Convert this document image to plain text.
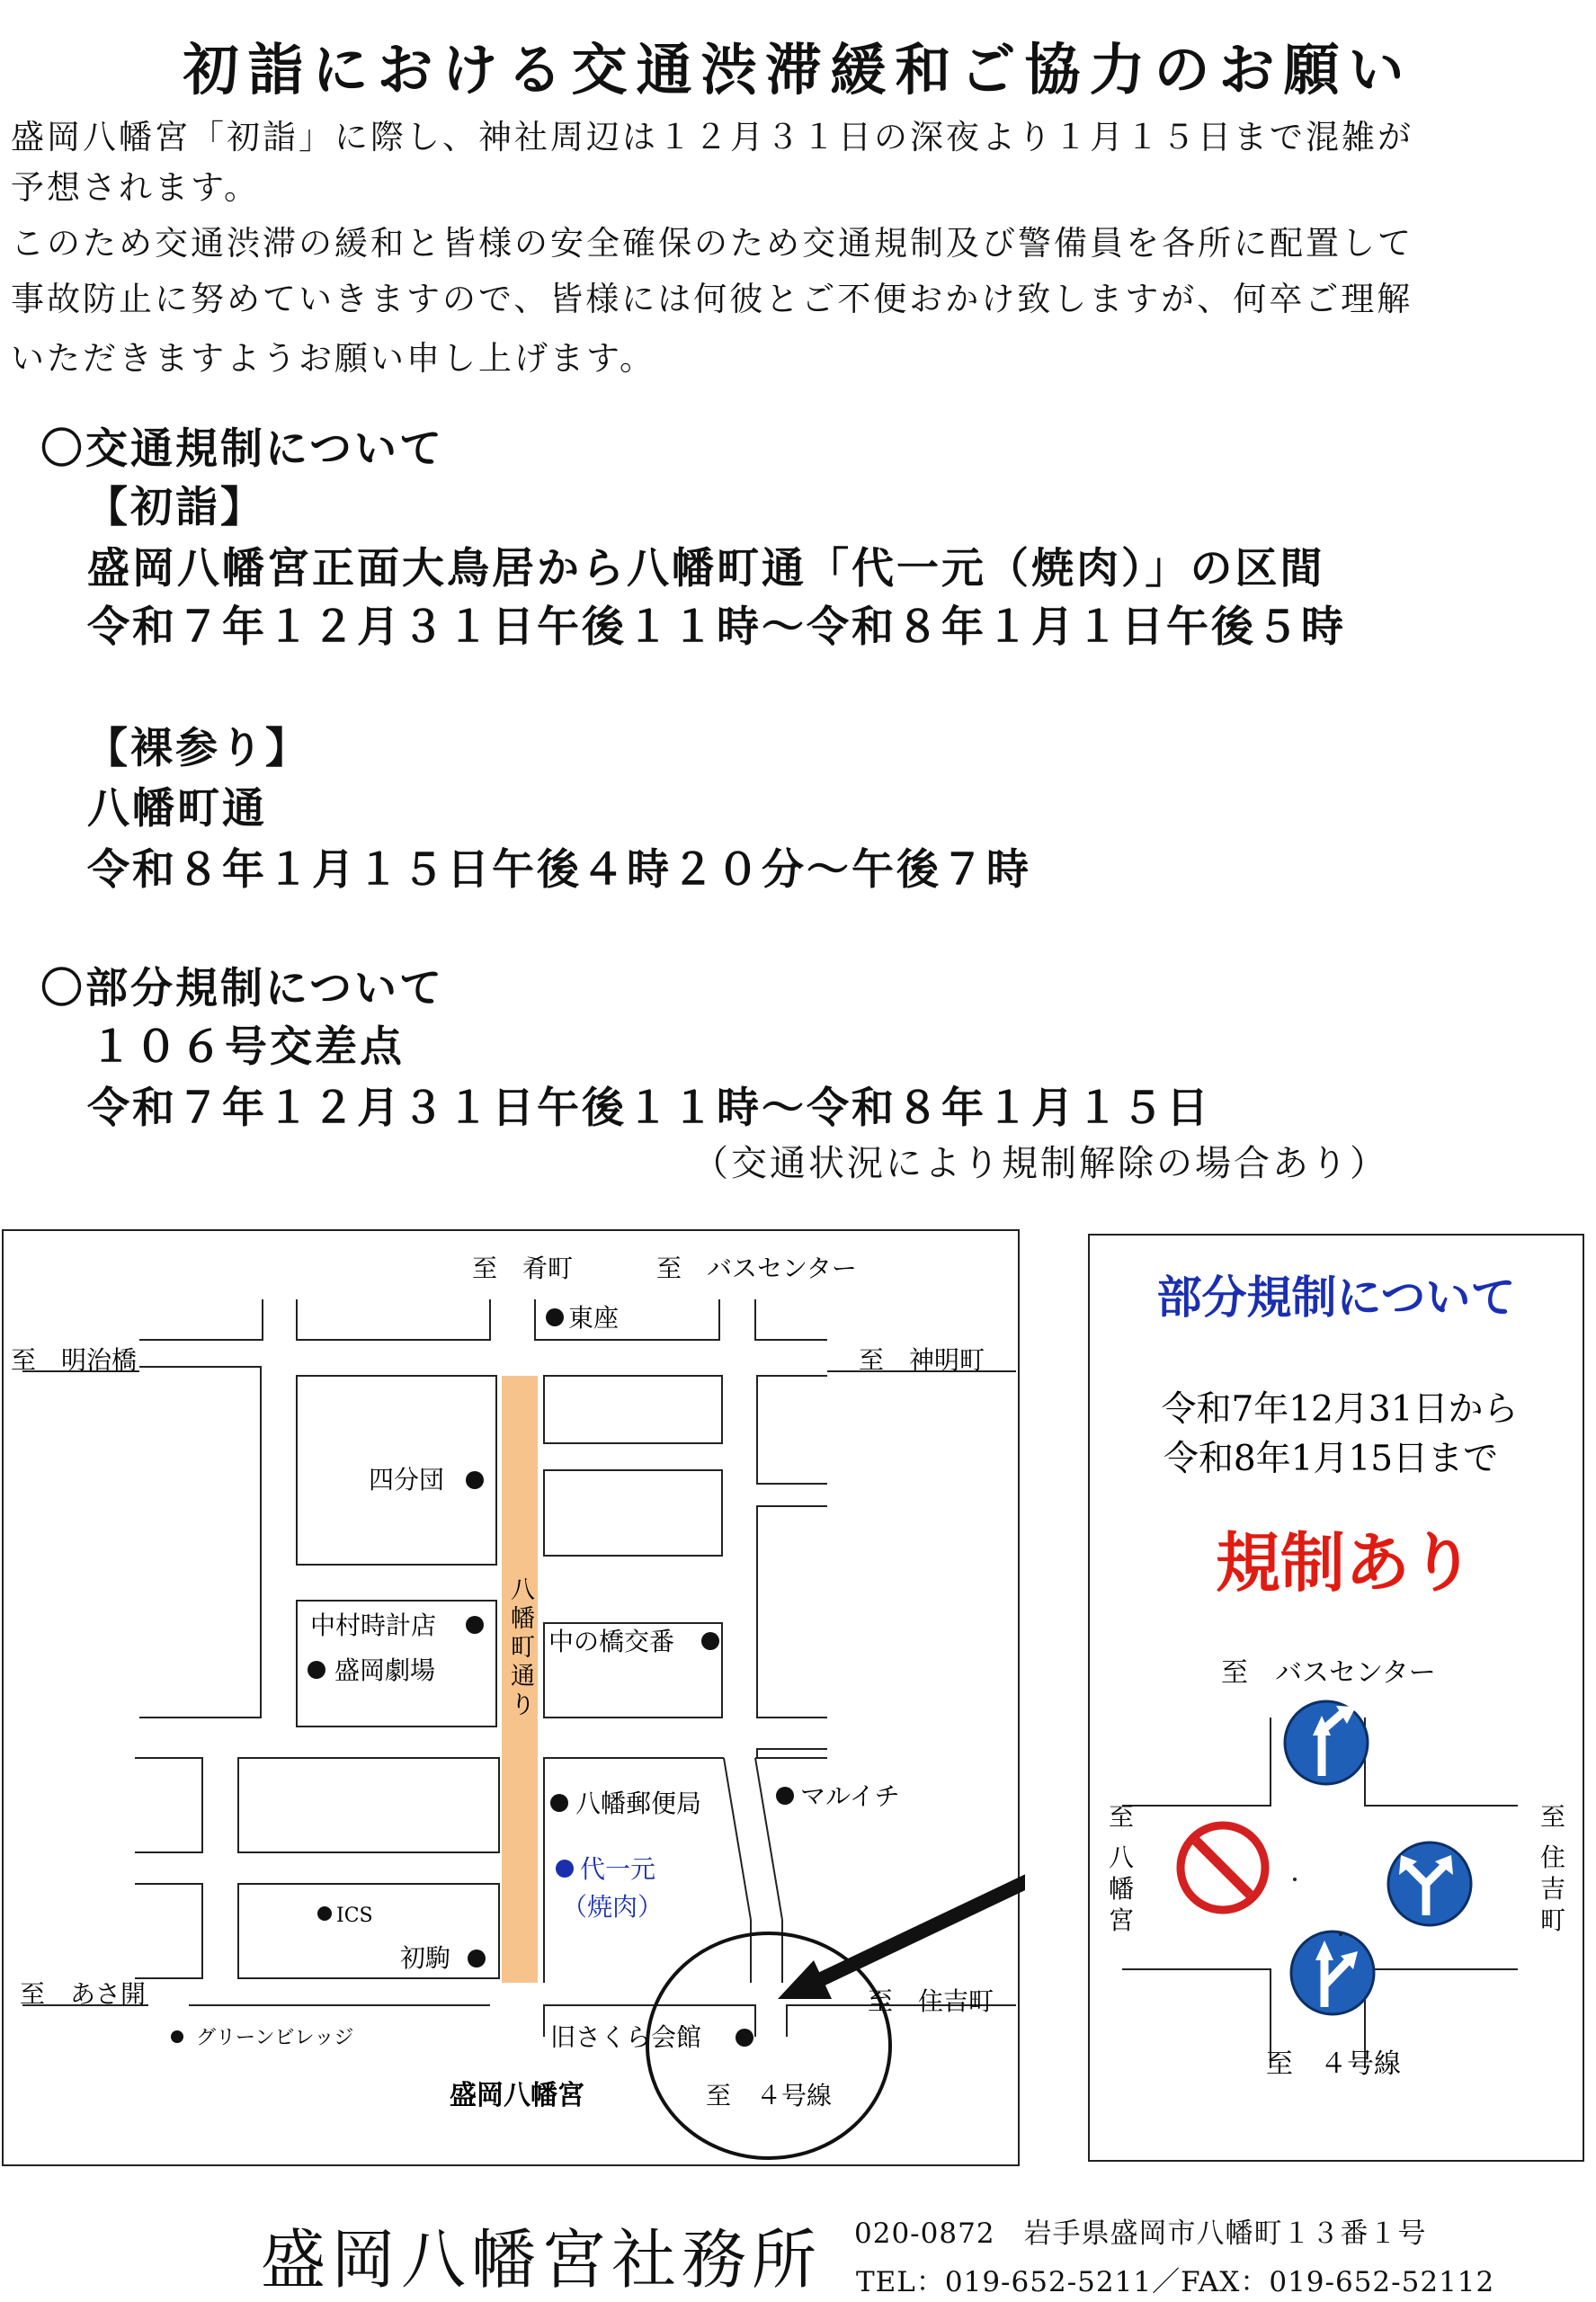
初詣における交通渋滞緩和ご協力のお願い
盛岡八幡宮「初詣」に際し、神社周辺は１２月３１日の深夜より１月１５日まで混雑が
予想されます。
このため交通渋滞の緩和と皆様の安全確保のため交通規制及び警備員を各所に配置して
事故防止に努めていきますので、皆様には何彼とご不便おかけ致しますが、何卒ご理解
いただきますようお願い申し上げます。
〇交通規制について
【初詣】
盛岡八幡宮正面大鳥居から八幡町通「代一元（焼肉）」の区間
令和７年１２月３１日午後１１時～令和８年１月１日午後５時
【裸参り】
八幡町通
令和８年１月１５日午後４時２０分～午後７時
〇部分規制について
１０６号交差点
令和７年１２月３１日午後１１時～令和８年１月１５日
（交通状況により規制解除の場合あり）
至　肴町	至　バスセンター
至　明治橋	至　神明町
至　あさ開	至　住吉町
至　４号線
盛岡八幡宮
八
幡
町
通
り
東座
四分団
中村時計店
盛岡劇場
中の橋交番
八幡郵便局	マルイチ
代一元
（焼肉）
ICS
初駒
グリーンビレッジ	旧さくら会館
部分規制について
令和7年12月31日から
令和8年1月15日まで
規制あり
至　バスセンター
至　４号線
至
八
幡
宮
至
住
吉
町
盛岡八幡宮社務所 020-0872　岩手県盛岡市八幡町１３番１号
TEL：019-652-5211／FAX：019-652-52112
